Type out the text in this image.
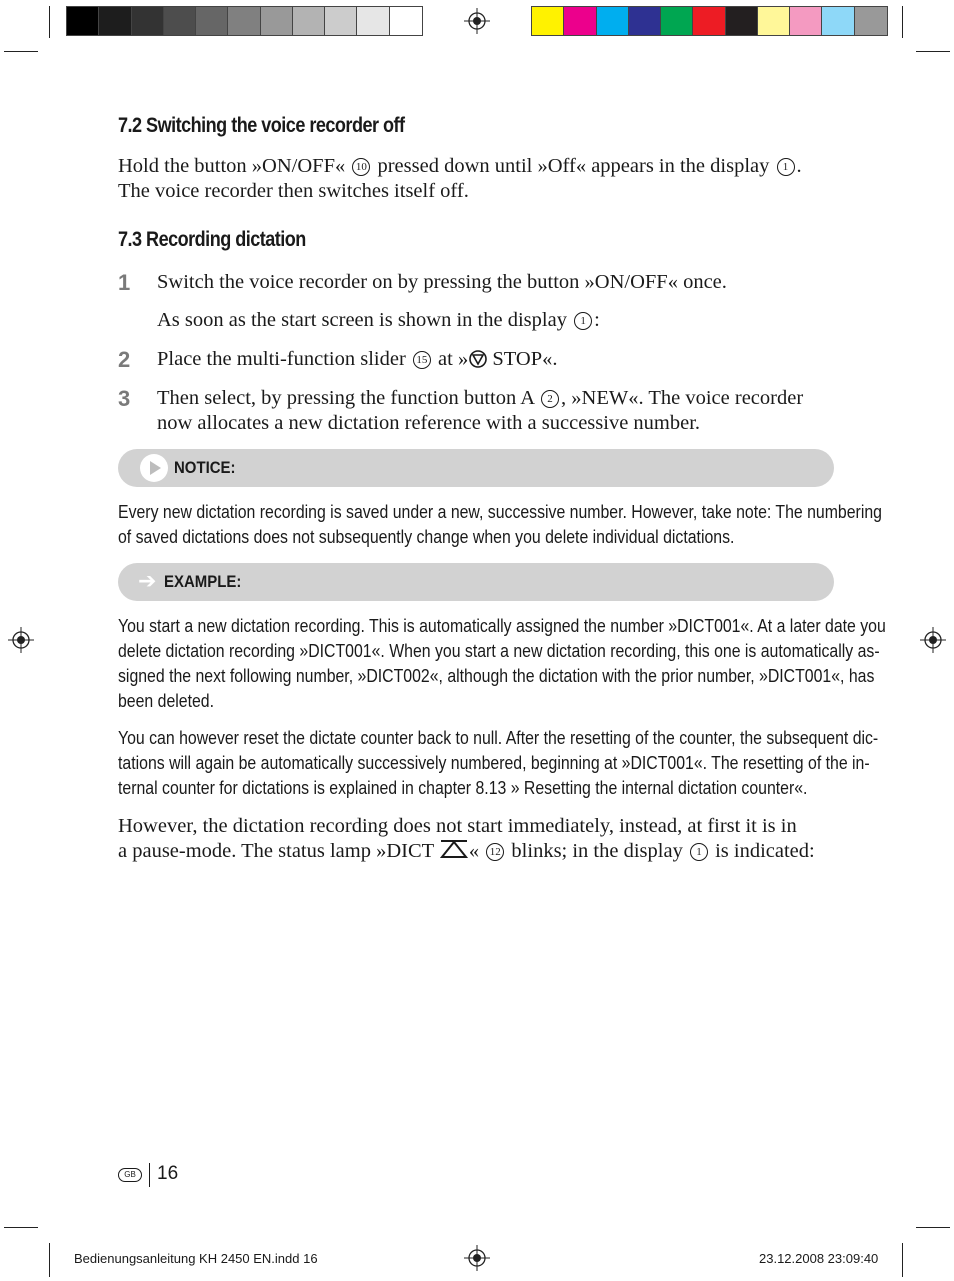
7.2 Switching the voice recorder off
Hold the button »ON/OFF« 10 pressed down until »Off« appears in the display 1 .
The voice recorder then switches itself off.
7.3 Recording dictation
1 Switch the voice recorder on by pressing the button »ON/OFF« once.
As soon as the start screen is shown in the display 1 :
2 Place the multi-function slider 15 at » STOP«.
3 Then select, by pressing the function button A 2 , »NEW«. The voice recorder
now allocates a new dictation reference with a successive number.
NOTICE:
Every new dictation recording is saved under a new, successive number. However, take note: The numbering
of saved dictations does not subsequently change when you delete individual dictations.
➔ EXAMPLE:
You start a new dictation recording. This is automatically assigned the number »DICT001«. At a later date you
delete dictation recording »DICT001«. When you start a new dictation recording, this one is automatically as-
signed the next following number, »DICT002«, although the dictation with the prior number, »DICT001«, has
been deleted.
You can however reset the dictate counter back to null. After the resetting of the counter, the subsequent dic-
tations will again be automatically successively numbered, beginning at »DICT001«. The resetting of the in-
ternal counter for dictations is explained in chapter 8.13 » Resetting the internal dictation counter«.
However, the dictation recording does not start immediately, instead, at first it is in
a pause-mode. The status lamp »DICT « 12 blinks; in the display 1 is indicated:
GB	16
Bedienungsanleitung KH 2450 EN.indd 16	23.12.2008 23:09:40
